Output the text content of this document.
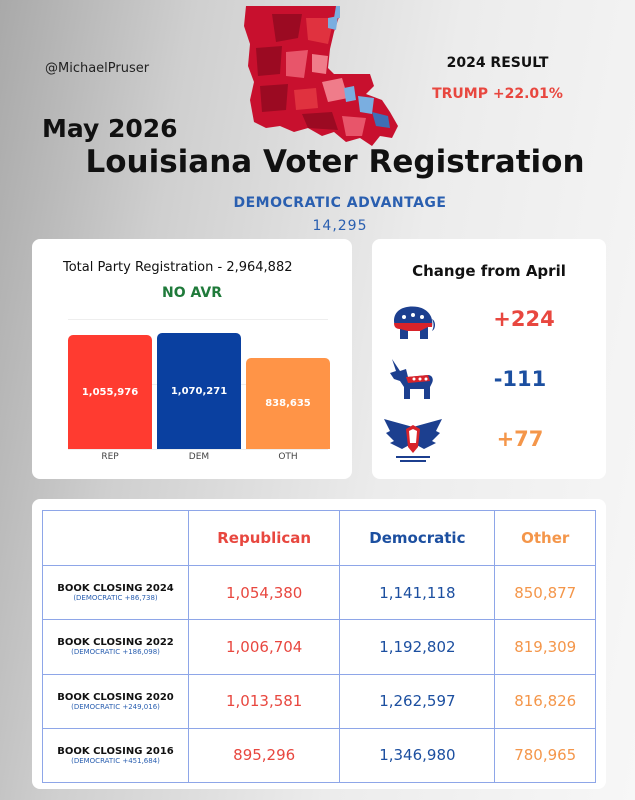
@MichaelPruser	2024 RESULT
TRUMP +22.01%
May 2026
Louisiana Voter Registration
DEMOCRATIC ADVANTAGE
14,295
Total Party Registration - 2,964,882
NO AVR
1,055,976
REP
1,070,271
DEM
838,635
OTH
Change from April
+224
-111
+77
	Republican	Democratic	Other

BOOK CLOSING 2024
(DEMOCRATIC +86,738)	1,054,380	1,141,118	850,877

BOOK CLOSING 2022
(DEMOCRATIC +186,098)	1,006,704	1,192,802	819,309

BOOK CLOSING 2020
(DEMOCRATIC +249,016)	1,013,581	1,262,597	816,826

BOOK CLOSING 2016
(DEMOCRATIC +451,684)	895,296	1,346,980	780,965
